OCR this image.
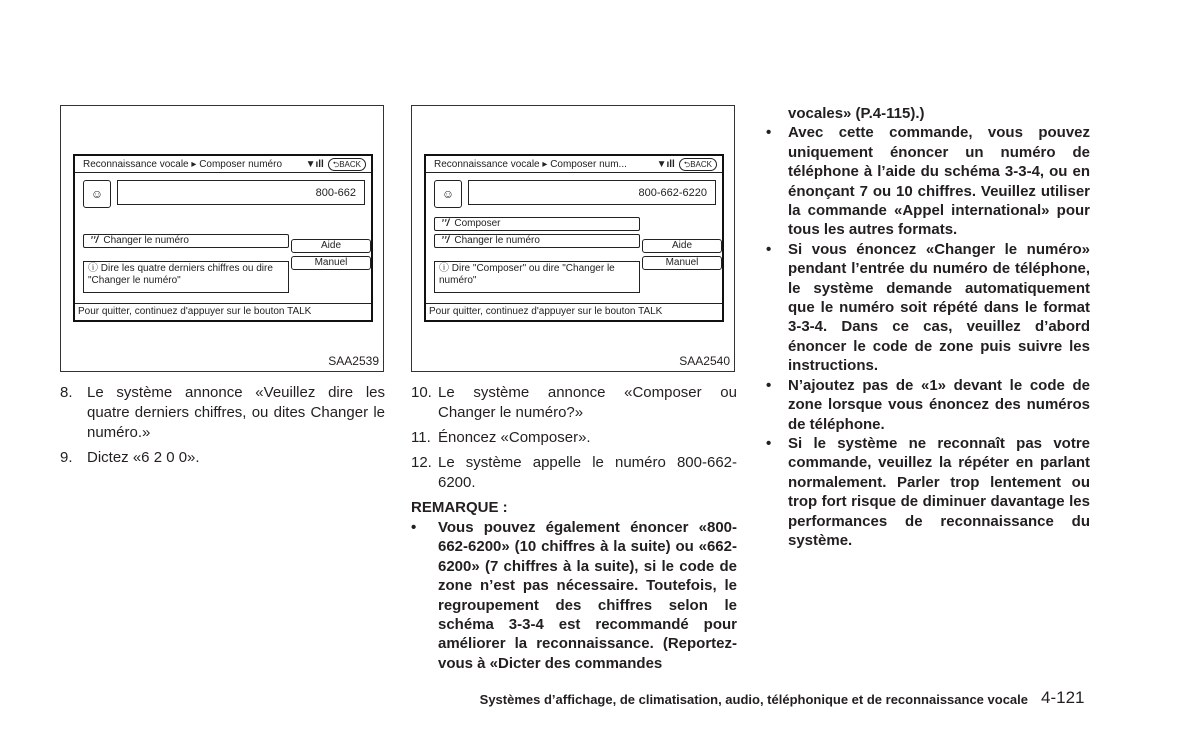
Reconnaissance vocale ▸ Composer numéro	▼ıll	⮌BACK
☺	800-662
ʼʼ/ Changer le numéro	Aide
Manuel
ⓘ Dire les quatre derniers chiffres ou dire "Changer le numéro"
Pour quitter, continuez d'appuyer sur le bouton TALK
SAA2539
Reconnaissance vocale ▸ Composer num...	▼ıll	⮌BACK
☺	800-662-6220
ʼʼ/ Composer
ʼʼ/ Changer le numéro	Aide
Manuel
ⓘ Dire "Composer" ou dire "Changer le numéro"
Pour quitter, continuez d'appuyer sur le bouton TALK
SAA2540
8. Le système annonce «Veuillez dire les quatre derniers chiffres, ou dites Changer le numéro.»
9. Dictez «6 2 0 0».
10. Le système annonce «Composer ou Changer le numéro?»
11. Énoncez «Composer».
12. Le système appelle le numéro 800-662-6200.
REMARQUE :
• Vous pouvez également énoncer «800-662-6200» (10 chiffres à la suite) ou «662-6200» (7 chiffres à la suite), si le code de zone n’est pas nécessaire. Toutefois, le regroupement des chiffres selon le schéma 3-3-4 est recommandé pour améliorer la reconnaissance. (Reportez-vous à «Dicter des commandes
vocales» (P.4-115).)
• Avec cette commande, vous pouvez uniquement énoncer un numéro de téléphone à l’aide du schéma 3-3-4, ou en énonçant 7 ou 10 chiffres. Veuillez utiliser la commande «Appel international» pour tous les autres formats.
• Si vous énoncez «Changer le numéro» pendant l’entrée du numéro de téléphone, le système demande automatiquement que le numéro soit répété dans le format 3-3-4. Dans ce cas, veuillez d’abord énoncer le code de zone puis suivre les instructions.
• N’ajoutez pas de «1» devant le code de zone lorsque vous énoncez des numéros de téléphone.
• Si le système ne reconnaît pas votre commande, veuillez la répéter en parlant normalement. Parler trop lentement ou trop fort risque de diminuer davantage les performances de reconnaissance du système.
Systèmes d’affichage, de climatisation, audio, téléphonique et de reconnaissance vocale 4-121
